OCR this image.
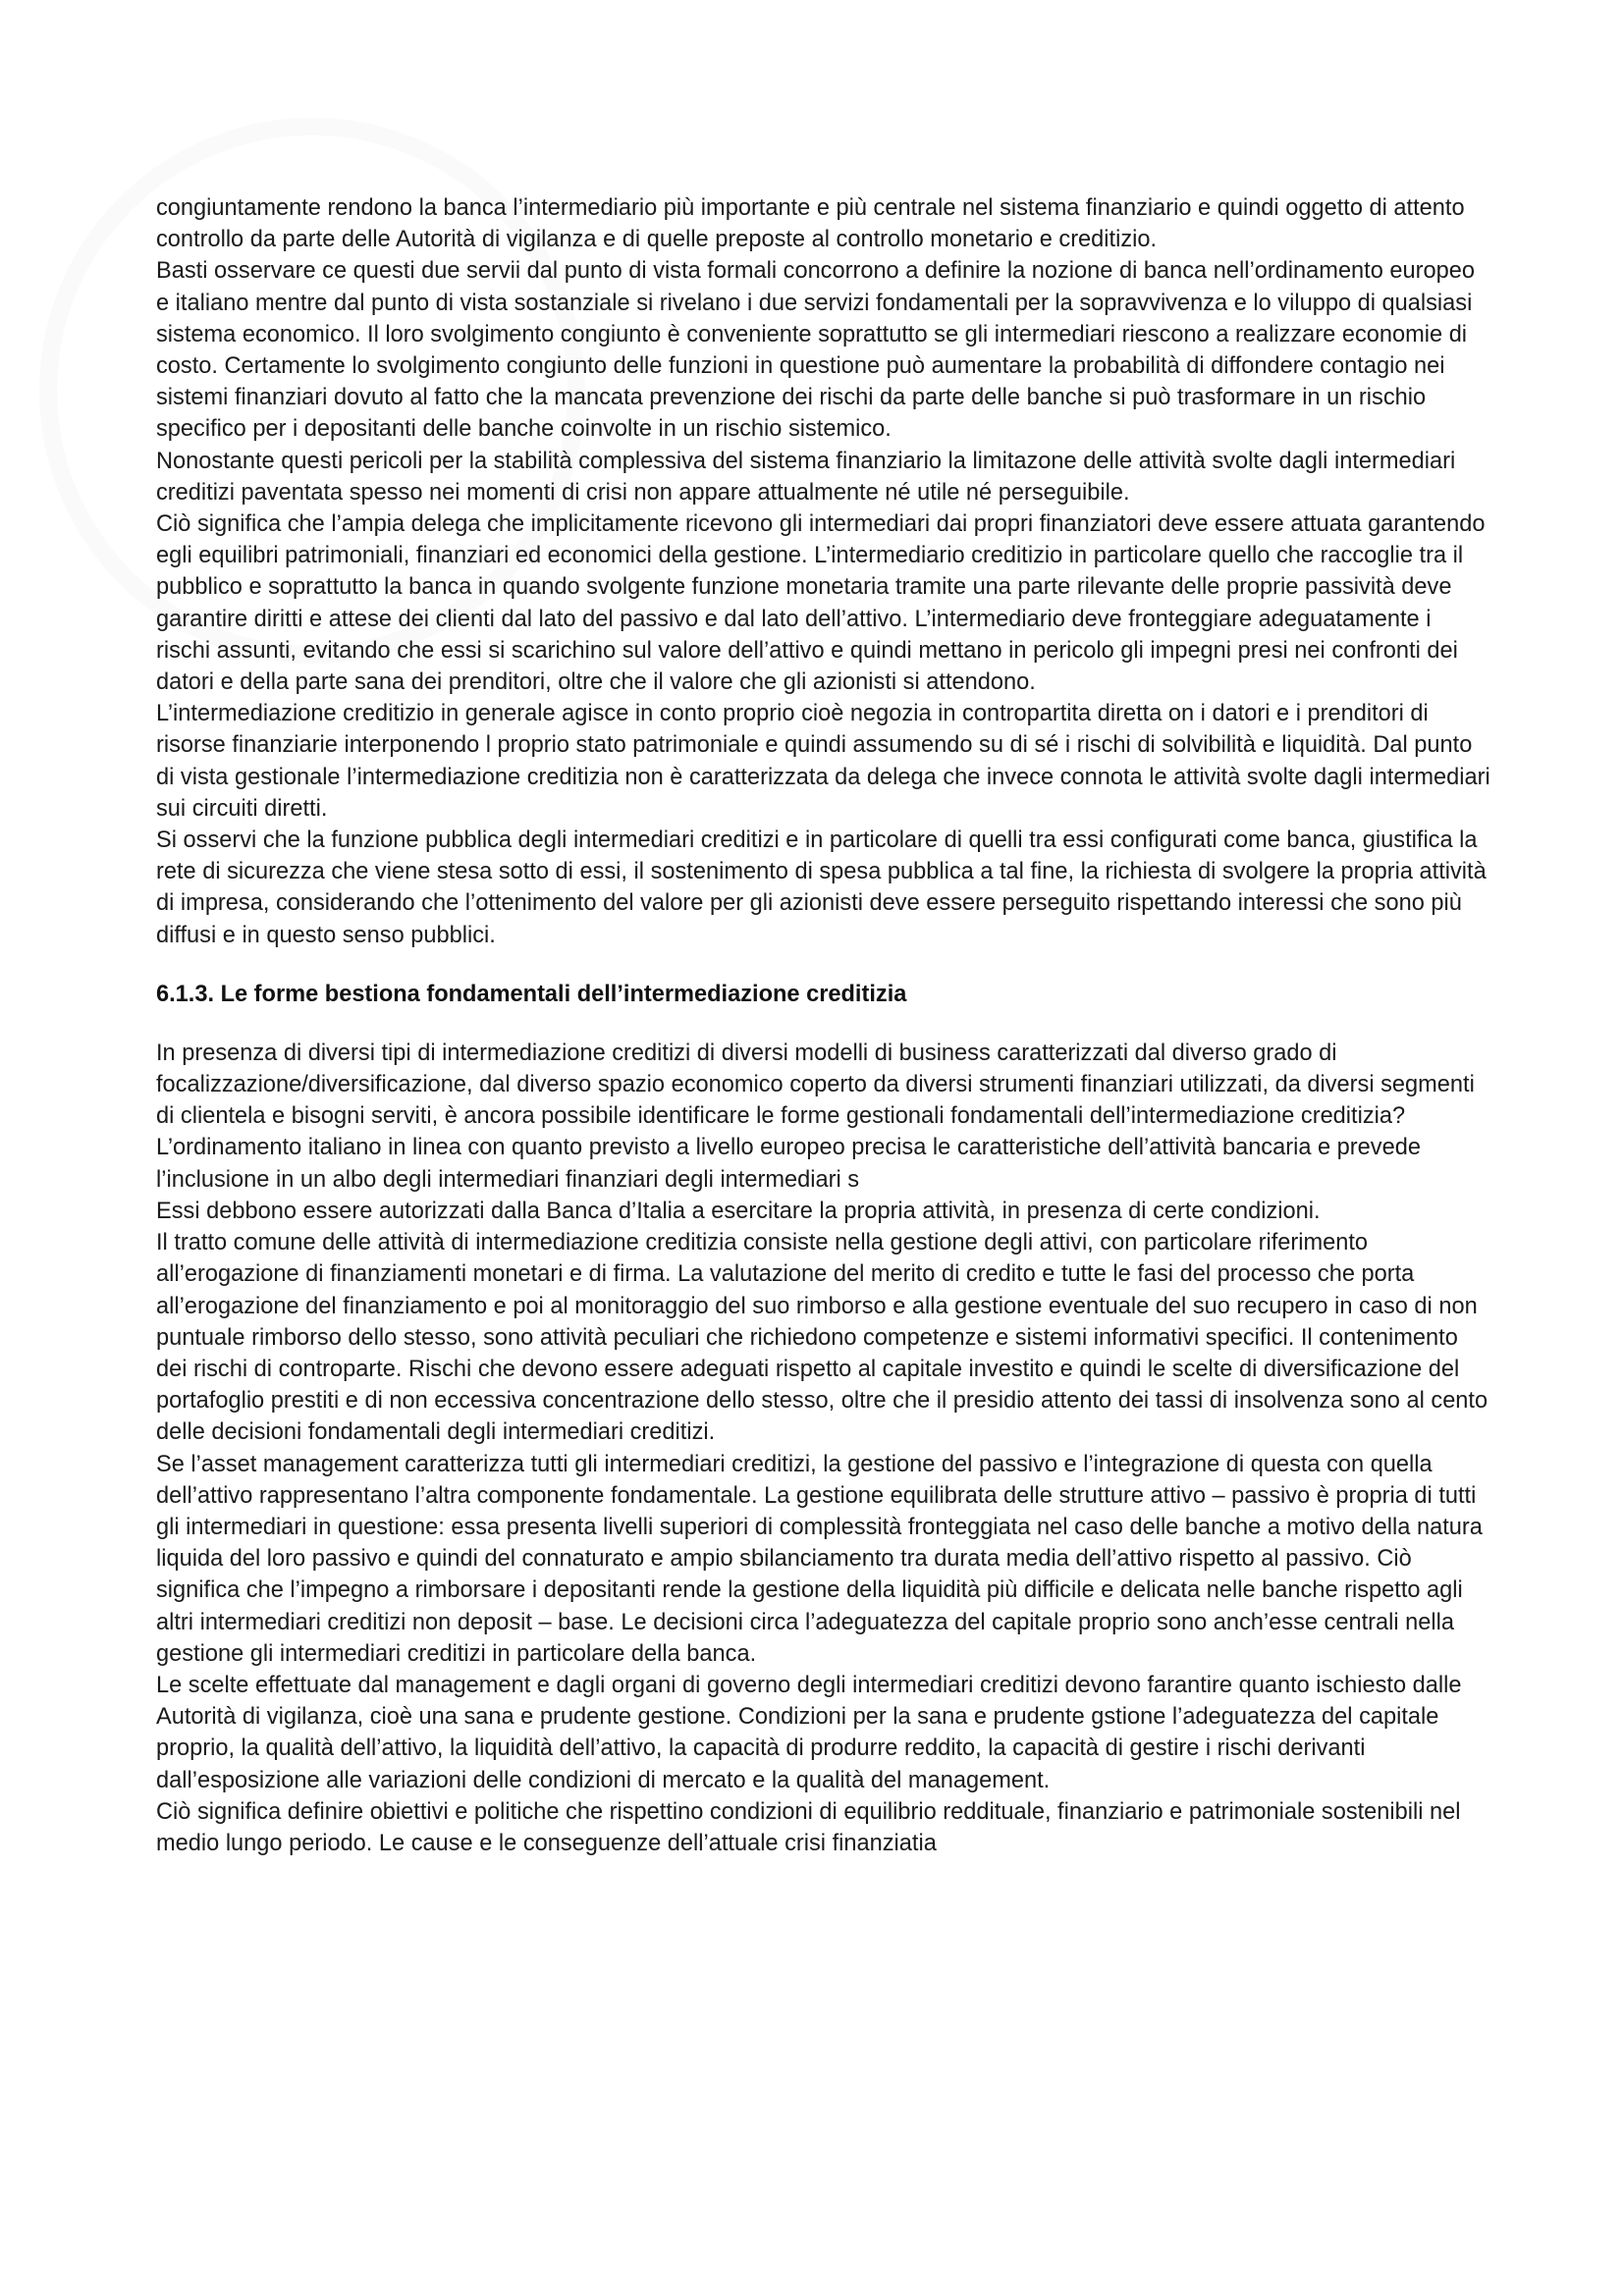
congiuntamente rendono la banca l’intermediario più importante e più centrale nel sistema finanziario e quindi oggetto di attento controllo da parte delle Autorità di vigilanza e di quelle preposte al controllo monetario e creditizio.

Basti osservare ce questi due servii dal punto di vista formali concorrono a definire la nozione di banca nell’ordinamento europeo e italiano mentre dal punto di vista sostanziale si rivelano i due servizi fondamentali per la sopravvivenza e lo viluppo di qualsiasi sistema economico. Il loro svolgimento congiunto è conveniente soprattutto se gli intermediari riescono a realizzare economie di costo. Certamente lo svolgimento congiunto delle funzioni in questione può aumentare la probabilità di diffondere contagio nei sistemi finanziari dovuto al fatto che la mancata prevenzione dei rischi da parte delle banche si può trasformare in un rischio specifico per i depositanti delle banche coinvolte in un rischio sistemico.

Nonostante questi pericoli per la stabilità complessiva del sistema finanziario la limitazone delle attività svolte dagli intermediari creditizi paventata spesso nei momenti di crisi non appare attualmente né utile né perseguibile.

Ciò significa che l’ampia delega che implicitamente ricevono gli intermediari dai propri finanziatori deve essere attuata garantendo egli equilibri patrimoniali, finanziari ed economici della gestione. L’intermediario creditizio in particolare quello che raccoglie tra il pubblico e soprattutto la banca in quando svolgente funzione monetaria tramite una parte rilevante delle proprie passività deve garantire diritti e attese dei clienti dal lato del passivo e dal lato dell’attivo. L’intermediario deve fronteggiare adeguatamente i rischi assunti, evitando che essi si scarichino sul valore dell’attivo e quindi mettano in pericolo gli impegni presi nei confronti dei datori e della parte sana dei prenditori, oltre che il valore che gli azionisti si attendono.

L’intermediazione creditizio in generale agisce in conto proprio cioè negozia in contropartita diretta on i datori e i prenditori di risorse finanziarie interponendo l proprio stato patrimoniale e quindi assumendo su di sé i rischi di solvibilità e liquidità. Dal punto di vista gestionale l’intermediazione creditizia non è caratterizzata da delega che invece connota le attività svolte dagli intermediari sui circuiti diretti.

Si osservi che la funzione pubblica degli intermediari creditizi e in particolare di quelli tra essi configurati come banca, giustifica la rete di sicurezza che viene stesa sotto di essi, il sostenimento di spesa pubblica a tal fine, la richiesta di svolgere la propria attività di impresa, considerando che l’ottenimento del valore per gli azionisti deve essere perseguito rispettando interessi che sono più diffusi e in questo senso pubblici.

6.1.3. Le forme bestiona fondamentali dell’intermediazione creditizia

In presenza di diversi tipi di intermediazione creditizi di diversi modelli di business caratterizzati dal diverso grado di focalizzazione/diversificazione, dal diverso spazio economico coperto da diversi strumenti finanziari utilizzati, da diversi segmenti di clientela e bisogni serviti, è ancora possibile identificare le forme gestionali fondamentali dell’intermediazione creditizia?

L’ordinamento italiano in linea con quanto previsto a livello europeo precisa le caratteristiche dell’attività bancaria e prevede l’inclusione in un albo degli intermediari finanziari degli intermediari s

Essi debbono essere autorizzati dalla Banca d’Italia a esercitare la propria attività, in presenza di certe condizioni.

Il tratto comune delle attività di intermediazione creditizia consiste nella gestione degli attivi, con particolare riferimento all’erogazione di finanziamenti monetari e di firma. La valutazione del merito di credito e tutte le fasi del processo che porta all’erogazione del finanziamento e poi al monitoraggio del suo rimborso e alla gestione eventuale del suo recupero in caso di non puntuale rimborso dello stesso, sono attività peculiari che richiedono competenze e sistemi informativi specifici. Il contenimento dei rischi di controparte. Rischi che devono essere adeguati rispetto al capitale investito e quindi le scelte di diversificazione del portafoglio prestiti e di non eccessiva concentrazione dello stesso, oltre che il presidio attento dei tassi di insolvenza sono al cento delle decisioni fondamentali degli intermediari creditizi.

Se l’asset management caratterizza tutti gli intermediari creditizi, la gestione del passivo e l’integrazione di questa con quella dell’attivo rappresentano l’altra componente fondamentale. La gestione equilibrata delle strutture attivo – passivo è propria di tutti gli intermediari in questione: essa presenta livelli superiori di complessità fronteggiata nel caso delle banche a motivo della natura liquida del loro passivo e quindi del connaturato e ampio sbilanciamento tra durata media dell’attivo rispetto al passivo. Ciò significa che l’impegno a rimborsare i depositanti rende la gestione della liquidità più difficile e delicata nelle banche rispetto agli altri intermediari creditizi non deposit – base. Le decisioni circa l’adeguatezza del capitale proprio sono anch’esse centrali nella gestione gli intermediari creditizi in particolare della banca.

Le scelte effettuate dal management e dagli organi di governo degli intermediari creditizi devono farantire quanto ischiesto dalle Autorità di vigilanza, cioè una sana e prudente gestione. Condizioni per la sana e prudente gstione l’adeguatezza del capitale proprio, la qualità dell’attivo, la liquidità dell’attivo, la capacità di produrre reddito, la capacità di gestire i rischi derivanti dall’esposizione alle variazioni delle condizioni di mercato e la qualità del management.

Ciò significa definire obiettivi e politiche che rispettino condizioni di equilibrio reddituale, finanziario e patrimoniale sostenibili nel medio lungo periodo. Le cause e le conseguenze dell’attuale crisi finanziatia
